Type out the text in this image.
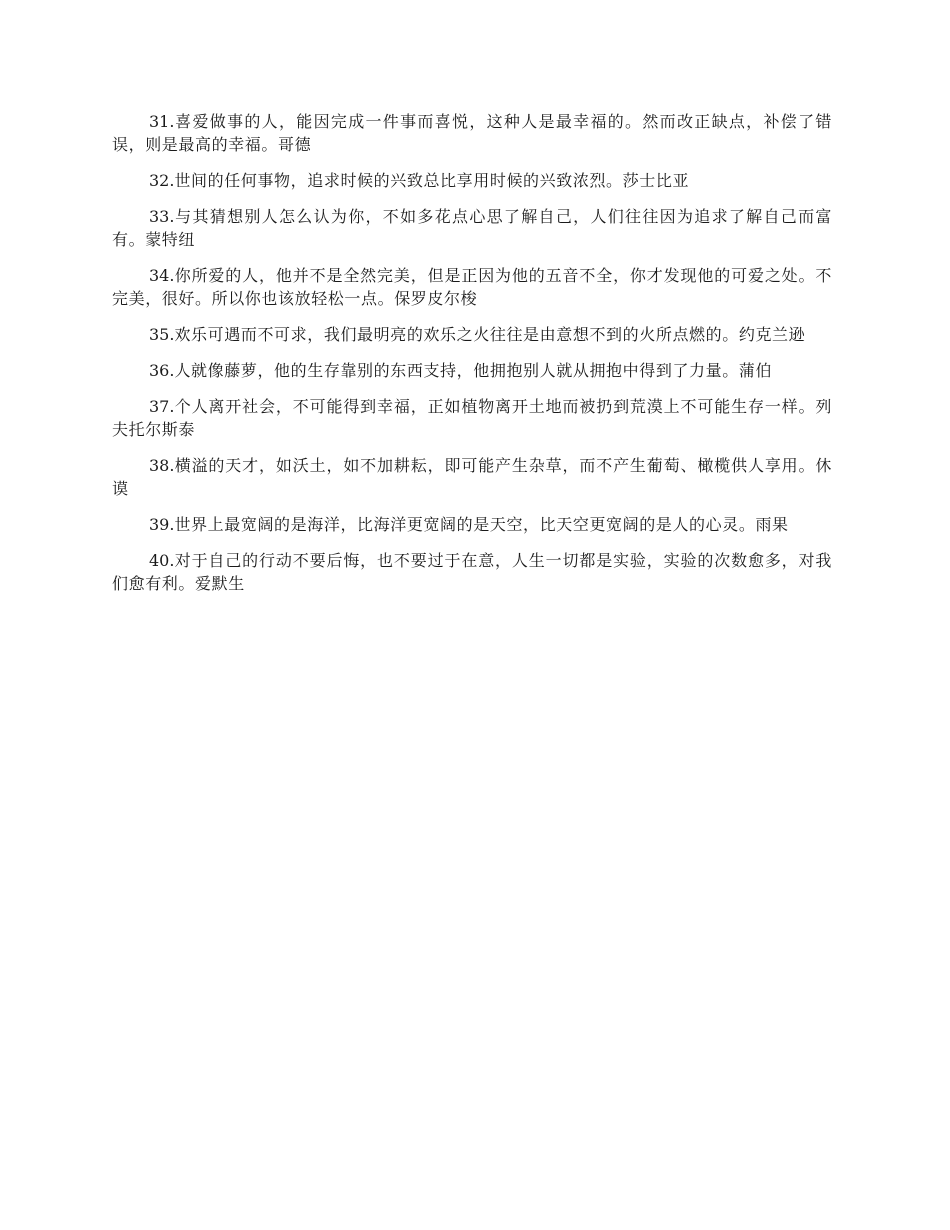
31.喜爱做事的人，能因完成一件事而喜悦，这种人是最幸福的。然而改正缺点，补偿了错误，则是最高的幸福。哥德

32.世间的任何事物，追求时候的兴致总比享用时候的兴致浓烈。莎士比亚

33.与其猜想别人怎么认为你，不如多花点心思了解自己，人们往往因为追求了解自己而富有。蒙特纽

34.你所爱的人，他并不是全然完美，但是正因为他的五音不全，你才发现他的可爱之处。不完美，很好。所以你也该放轻松一点。保罗皮尔梭

35.欢乐可遇而不可求，我们最明亮的欢乐之火往往是由意想不到的火所点燃的。约克兰逊

36.人就像藤萝，他的生存靠别的东西支持，他拥抱别人就从拥抱中得到了力量。蒲伯

37.个人离开社会，不可能得到幸福，正如植物离开土地而被扔到荒漠上不可能生存一样。列夫托尔斯泰

38.横溢的天才，如沃土，如不加耕耘，即可能产生杂草，而不产生葡萄、橄榄供人享用。休谟

39.世界上最宽阔的是海洋，比海洋更宽阔的是天空，比天空更宽阔的是人的心灵。雨果

40.对于自己的行动不要后悔，也不要过于在意，人生一切都是实验，实验的次数愈多，对我们愈有利。爱默生
